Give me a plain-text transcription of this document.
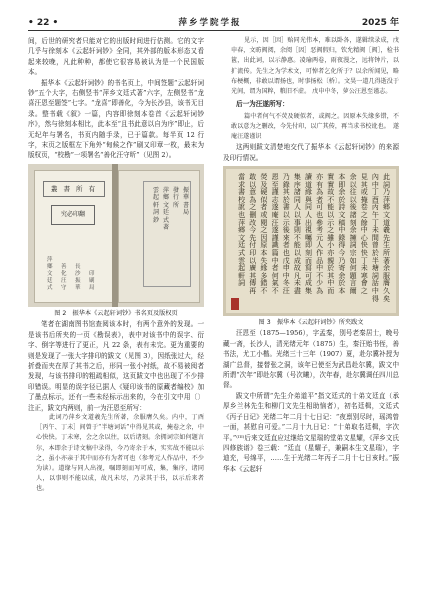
• 22 •	萍乡学院学报	2025 年

间，后世的研究者只能对它的出版时间进行估测。它的文字几乎与徐刻本《云起轩词钞》全同，其外部的版本形态又看起来较晚，凡此种种，都使它很容易被认为是一个民国版本。

振华本《云起轩词钞》的书名页上，中间签题“云起轩词钞”五个大字，右侧竖书“萍乡文廷式著”六字，左侧竖书“龙喜汪恩至题签”七字。“龙喜”即善化，今为长沙县，该书无目录。整书载《叙》一篇，内容即徐刻本卷首《云起轩词钞序》，然与徐刻本相比，此本至“且书此意以自为序”即止，后无纪年与署名，书页内随手录，已于篇款。每半页 12 行字，末页之版框左下角外“甸候之作”刷又印章一枚，最末为版权页，“校勘”一项署名“善化汪守昕”（见图 2）。

叢 書 所 有
究必印翻
萍鄉文廷式
善化汪守
長沙振華
印刷局
雲起軒詞鈔
萍鄉文廷式著
發行所
振華書局

图 2　振华本《云起轩词钞》书名页及版权页

笔者在湖南图书馆查阅该本时，有两个意外的发现。一是该书后所夹的一页《勘误表》，表中对该书中的误字、衍字、倒字等进行了更正，凡 22 条，表有未完。更为重要的则是发现了一张大字排印的跋文（见图 3），因纸张过大，经折叠而夹在厚了其书之后，形同一张小衬纸，故不易被阅者发现，与该书排印的粗疏相似，这页跋文中也出现了不少排印错误。明显的误字径已据人《疑印该书的原藏者编校》加了墨点标示，还有一些未经标示出来的，今在引文中用〔〕注正，跋文内两则，前一为汪恩至所写：

此词乃萍乡文道羲先生所著，余服膺久矣。内中，丁酉［丙午、丁未］间曾于“半塘词话”中得见其或，掩卷之余，中心快快。丁未寒，会之余以往，以后诸刻。余拥词宗如何题言尔，本即余于诗文稿中录得，今乃寄余于本，实实故不能以示之，虽小亦亲于其中而亦有为者可也（参考元人作品中，不少为读）。道缘与同人出视，嘱即刻而写可成，集，集序，诸同人，以事则不能以成，故凡未尽，乃录其于书，以示后来者也。

见示，因［因］贻同光伟本，难以卧各，遂辑续录成，戊申春，文昉阀阅，余阅［因］恶阀假归，钦允精阀［阀］，检书篋，出此词，以示静惠。凌瑜两卷，雨夜漫之，远将钟片，以扩流传。先生之为学术文，可悼者乞化所于？以余所闻见，略布梗概，非敢以谓扬也，时事扬松〔桥〕。文昊一道几得逝没于光间，谓为国粹，粮旧不虚。 戊申中冬，萝公汪恩至谨志。

后一为汪遂所写：

篇中者何气不荧及硬似者，或阀之。因原本失缘多错，不敢以意为之删改，今先付印，以广其传，再当求书校讹也。　遂庵汪遂谨识

这两则跋文清楚地交代了振华本《云起轩词钞》的来源及印行情况。

此詞乃萍鄉文道羲先生所著余服膺久矣
內中丁酉丙午丁未間曾於半塘詞話中得
見其或掩卷之餘中心快快丁未寒會之
余以往以後諸刻余擁詞宗如何題言爾
本即余於詩文稿中錄得今乃寄余於本
實實故不能以示之雖小亦親於其中而
亦有為者可也參考元人作品中不少為
讀道緣與同人出視囑即刻而寫可成集
集序諸同人以事則不能以成故凡未盡
乃錄其於書以示後來者也戊申中冬汪
恩至謹志遂庵汪遂謹識篇中者何氣不
熒及硬似者或閱之因原本失緣多錯不
敢以意為之刪改今先付印以廣其傳再
當求書校訛也萍鄉文廷式雲起軒詞

图 3　振华本《云起轩词钞》所夹跋文

汪恩至（1875—1956），字孟秦，别号老秦居士，晚号藏一斋，长沙人，清光绪元年（1875）生，秦汪贻书侄，善书法，尤工小楷。光绪三十三年（1907）夏，赴尔冀补授为湖广总督，接替张之洞，该年已使至为武昌赴尔冀，跋文中所谓“次年”即赴尔冀（号次曦），次年春，赴尔冀调任四川总督。

跋文中所谓“先生介弟道平”指文廷式的十弟文廷直（承厚乡兰林先生和柳门文先生相助恼者），初名廷楫，文廷式《丙子日记》光绪二年二月十七日记：“夜禀别尽时，瑶鸿曾一面，甚慰自可爱。”二月十九日记：“十弟取名廷楫，字次平。”⁽ᴵᴵᴵ⁾后来文廷直应过继给文星瑞的堂弟文星耀，《萍乡文氏四修族谱》卷三载：“廷直（星耀子，兼嗣本生文星瑞），字迪充，号绵平，……生于光绪二年丙子二月十七日亥时。”振华本《云起轩
